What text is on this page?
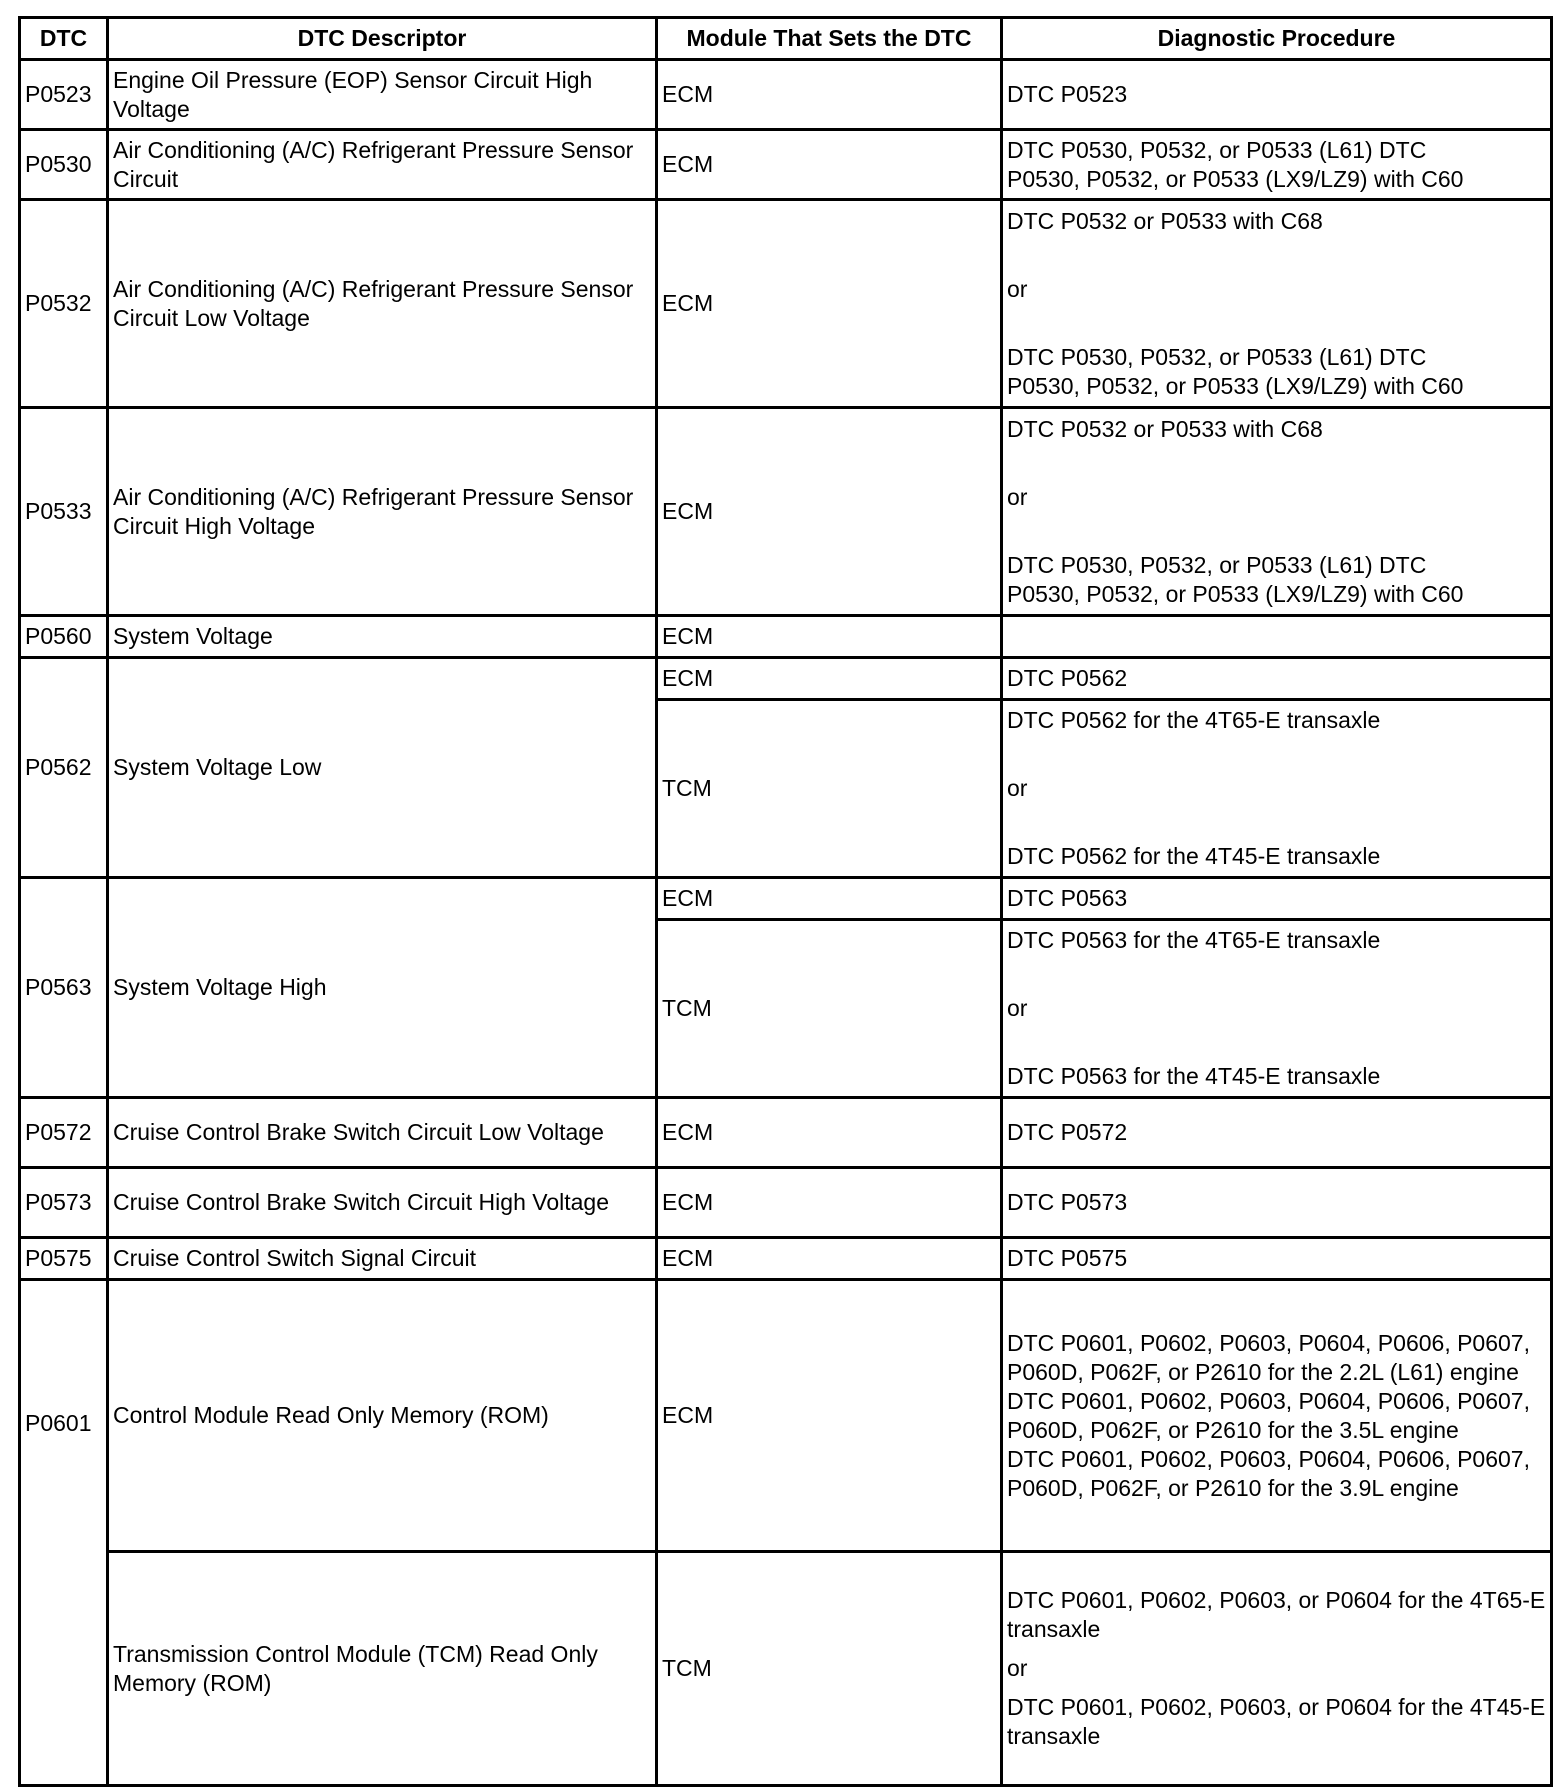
DTC	DTC Descriptor	Module That Sets the DTC	Diagnostic Procedure
P0523	Engine Oil Pressure (EOP) Sensor Circuit High Voltage	ECM	DTC P0523
P0530	Air Conditioning (A/C) Refrigerant Pressure Sensor Circuit	ECM	DTC P0530, P0532, or P0533 (L61) DTC
P0530, P0532, or P0533 (LX9/LZ9) with C60

P0532	Air Conditioning (A/C) Refrigerant Pressure Sensor Circuit Low Voltage	ECM	DTC P0532 or P0533 with C68
or
DTC P0530, P0532, or P0533 (L61) DTC
P0530, P0532, or P0533 (LX9/LZ9) with C60

P0533	Air Conditioning (A/C) Refrigerant Pressure Sensor Circuit High Voltage	ECM	DTC P0532 or P0533 with C68
or
DTC P0530, P0532, or P0533 (L61) DTC
P0530, P0532, or P0533 (LX9/LZ9) with C60

P0560	System Voltage	ECM	
P0562	System Voltage Low	ECM	DTC P0562
		TCM	DTC P0562 for the 4T65-E transaxle
or
DTC P0562 for the 4T45-E transaxle

P0563	System Voltage High	ECM	DTC P0563
		TCM	DTC P0563 for the 4T65-E transaxle
or
DTC P0563 for the 4T45-E transaxle

P0572	Cruise Control Brake Switch Circuit Low Voltage	ECM	DTC P0572
P0573	Cruise Control Brake Switch Circuit High Voltage	ECM	DTC P0573
P0575	Cruise Control Switch Signal Circuit	ECM	DTC P0575

P0601	Control Module Read Only Memory (ROM)	ECM	DTC P0601, P0602, P0603, P0604, P0606, P0607, P060D, P062F, or P2610 for the 2.2L (L61) engine
DTC P0601, P0602, P0603, P0604, P0606, P0607, P060D, P062F, or P2610 for the 3.5L engine
DTC P0601, P0602, P0603, P0604, P0606, P0607, P060D, P062F, or P2610 for the 3.9L engine

	Transmission Control Module (TCM) Read Only Memory (ROM)	TCM	DTC P0601, P0602, P0603, or P0604 for the 4T65-E transaxle
or
DTC P0601, P0602, P0603, or P0604 for the 4T45-E transaxle
